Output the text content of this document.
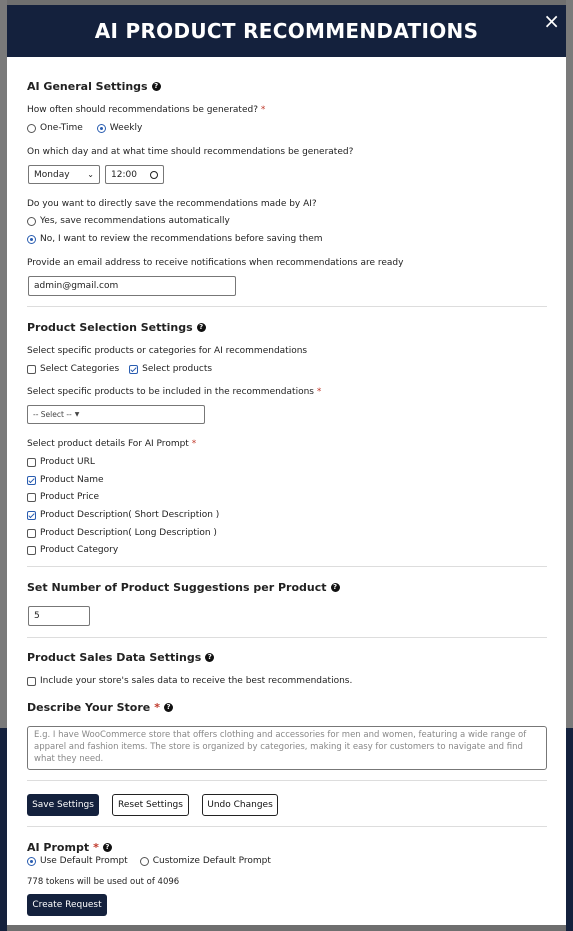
AI PRODUCT RECOMMENDATIONS	×
AI General Settings ?
How often should recommendations be generated? *
One-Time	Weekly
On which day and at what time should recommendations be generated?
Monday ⌄ 12:00
Do you want to directly save the recommendations made by AI?
Yes, save recommendations automatically
No, I want to review the recommendations before saving them
Provide an email address to receive notifications when recommendations are ready
admin@gmail.com
Product Selection Settings ?
Select specific products or categories for AI recommendations
Select Categories	Select products
Select specific products to be included in the recommendations *
-- Select -- ▼
Select product details For AI Prompt *
Product URL
Product Name
Product Price
Product Description( Short Description )
Product Description( Long Description )
Product Category
Set Number of Product Suggestions per Product ?
5
Product Sales Data Settings ?
Include your store's sales data to receive the best recommendations.
Describe Your Store * ?
E.g. I have WooCommerce store that offers clothing and accessories for men and women, featuring a wide range of apparel and fashion items. The store is organized by categories, making it easy for customers to navigate and find what they need.
Save Settings	Reset Settings	Undo Changes
AI Prompt * ?
Use Default Prompt	Customize Default Prompt
778 tokens will be used out of 4096
Create Request
